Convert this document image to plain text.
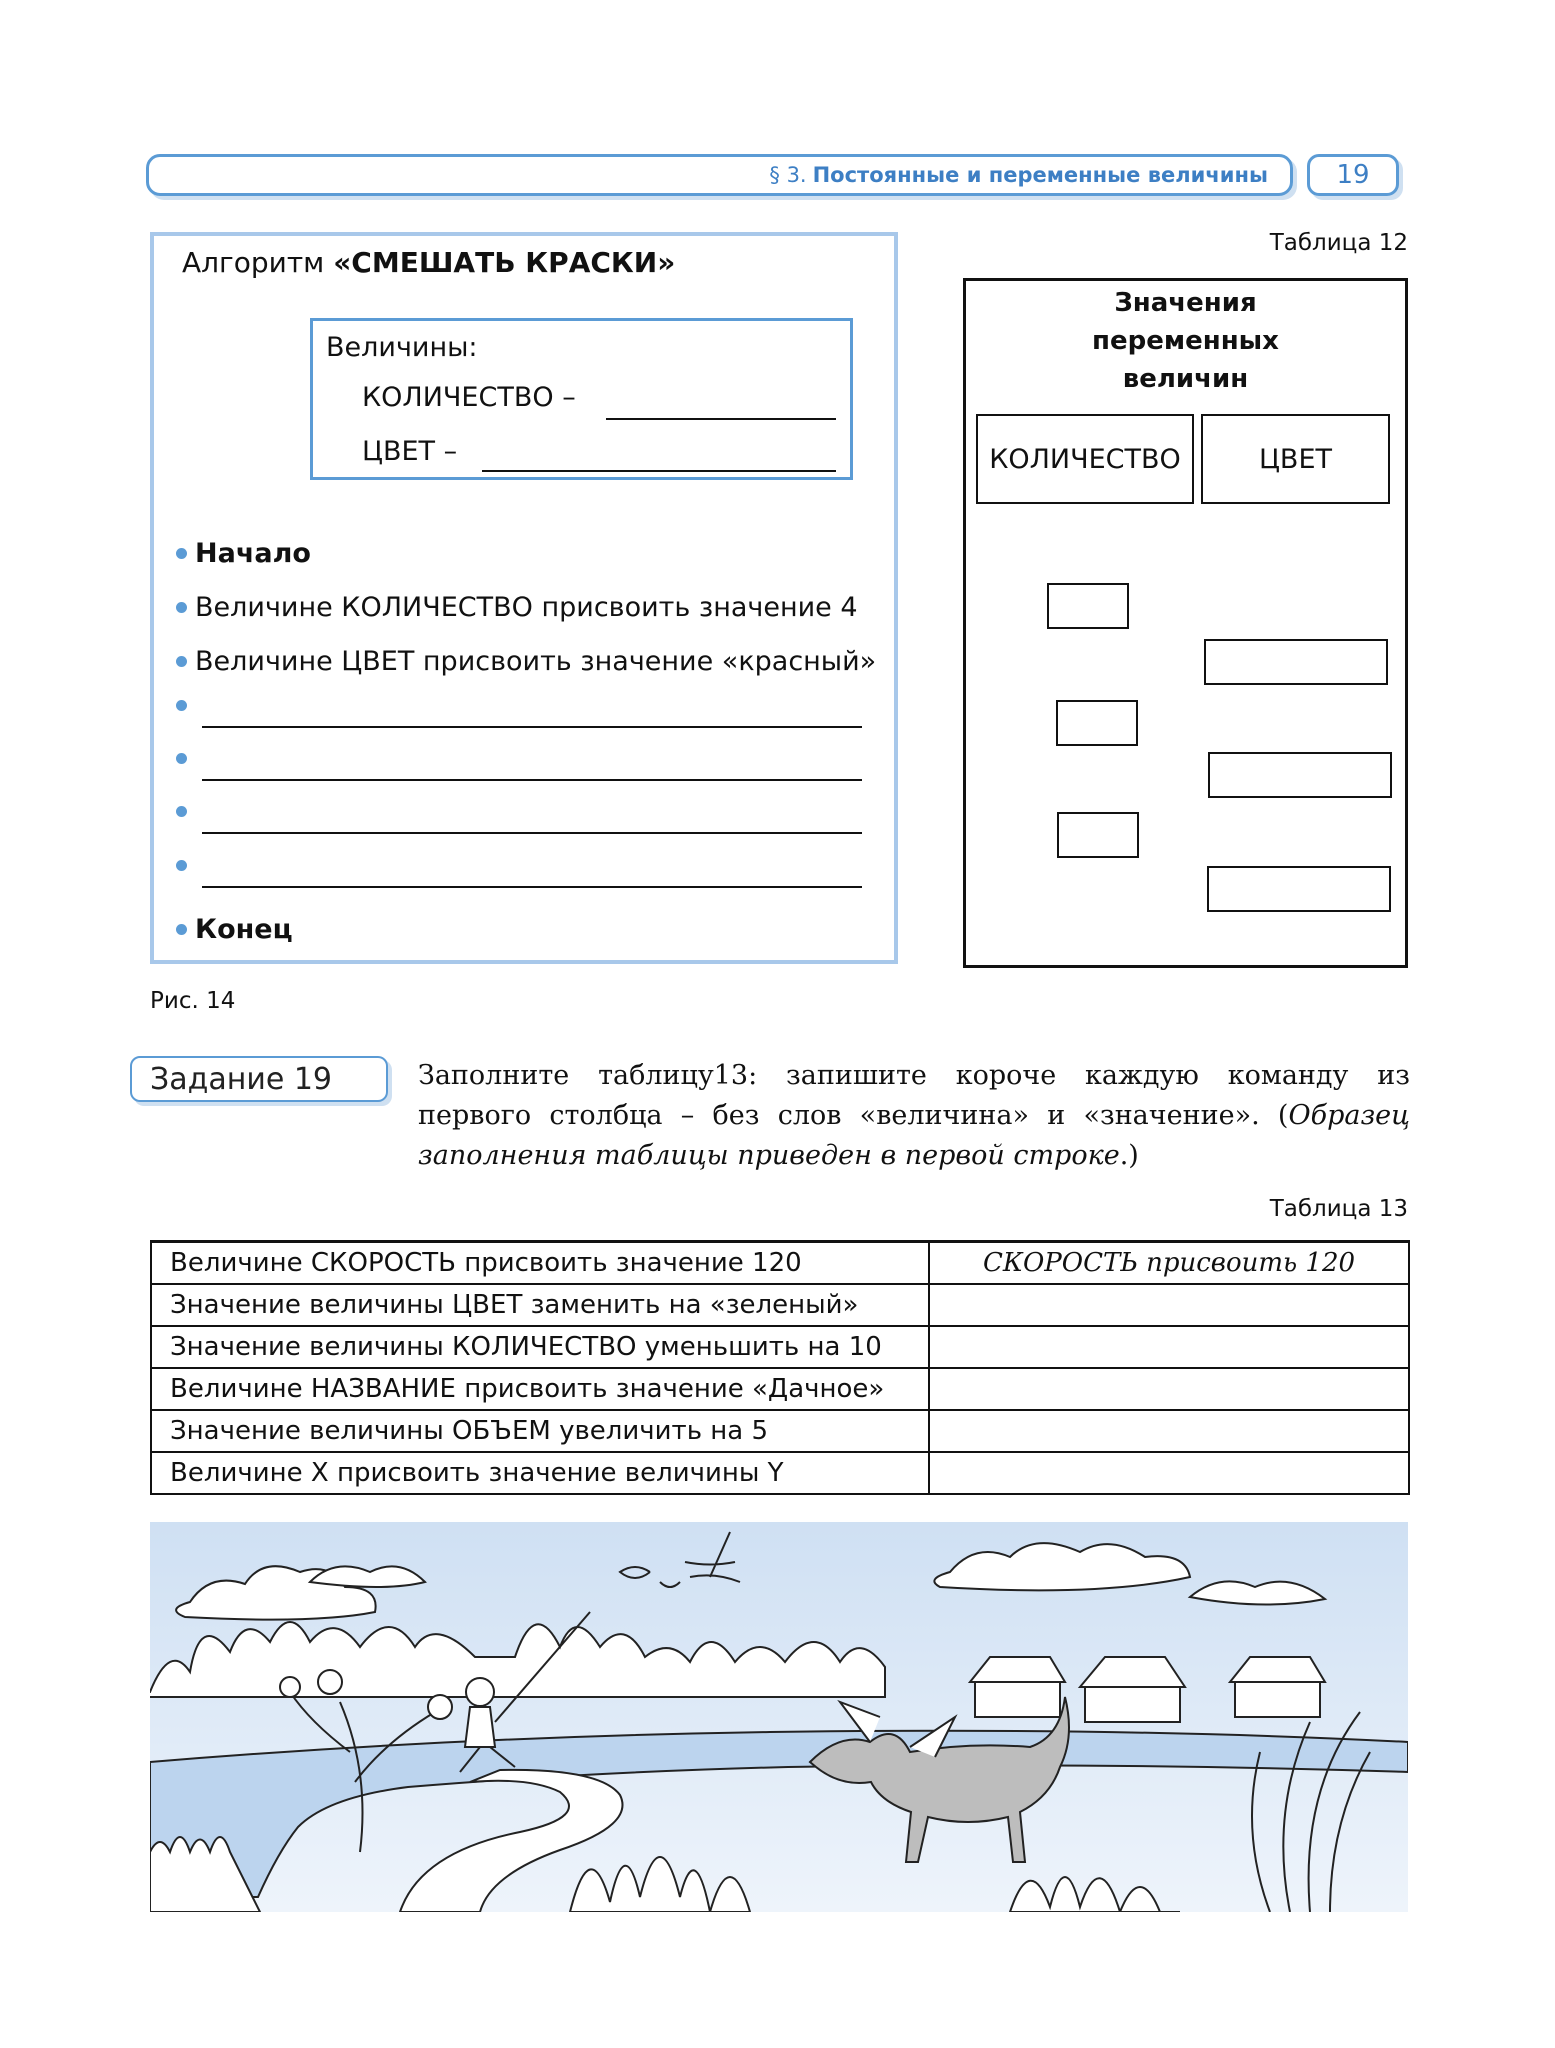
§ 3. Постоянные и переменные величины	19
Алгоритм «СМЕШАТЬ КРАСКИ»
Величины:
КОЛИЧЕСТВО –
ЦВЕТ –
Начало
Величине КОЛИЧЕСТВО присвоить значение 4
Величине ЦВЕТ присвоить значение «красный»
Конец
Рис. 14
Таблица 12
Значения
переменных
величин
КОЛИЧЕСТВО	ЦВЕТ
Задание 19	Заполните таблицу13: запишите короче каждую команду из первого столбца – без слов «величина» и «значение». (Образец заполнения таблицы приведен в первой строке.)
Таблица 13
Величине СКОРОСТЬ присвоить значение 120	СКОРОСТЬ присвоить 120
Значение величины ЦВЕТ заменить на «зеленый»	
Значение величины КОЛИЧЕСТВО уменьшить на 10	
Величине НАЗВАНИЕ присвоить значение «Дачное»	
Значение величины ОБЪЕМ увеличить на 5	
Величине X присвоить значение величины Y	
